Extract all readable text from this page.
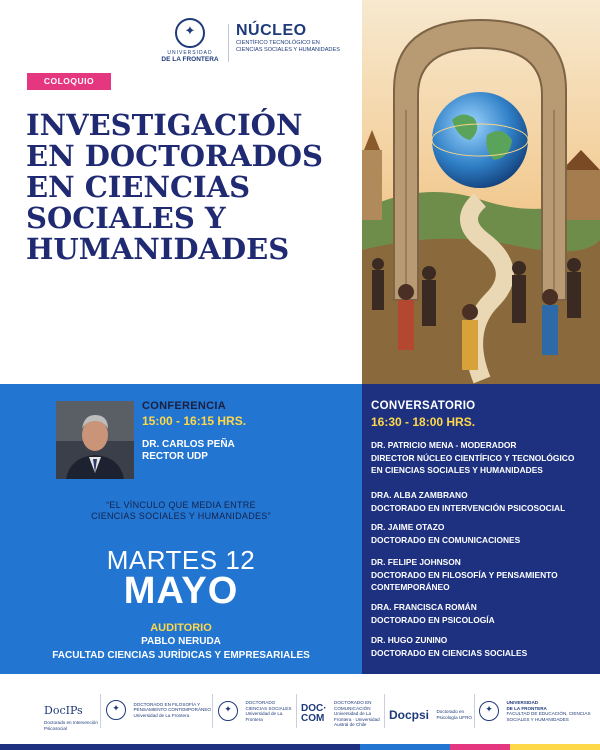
✦
UNIVERSIDAD
DE LA FRONTERA
NÚCLEO
CIENTÍFICO TECNOLÓGICO EN CIENCIAS SOCIALES Y HUMANIDADES
COLOQUIO
INVESTIGACIÓN
EN DOCTORADOS
EN CIENCIAS
SOCIALES Y
HUMANIDADES
CONFERENCIA
15:00 - 16:15 HRS.
DR. CARLOS PEÑA
RECTOR UDP
“EL VÍNCULO QUE MEDIA ENTRE
CIENCIAS SOCIALES Y HUMANIDADES”
MARTES 12
MAYO
AUDITORIO
PABLO NERUDA
FACULTAD CIENCIAS JURÍDICAS Y EMPRESARIALES
CONVERSATORIO
16:30 - 18:00 HRS.
DR. PATRICIO MENA - MODERADOR
DIRECTOR NÚCLEO CIENTÍFICO Y TECNOLÓGICO
EN CIENCIAS SOCIALES Y HUMANIDADES
DRA. ALBA ZAMBRANO
DOCTORADO EN INTERVENCIÓN PSICOSOCIAL
DR. JAIME OTAZO
DOCTORADO EN COMUNICACIONES
DR. FELIPE JOHNSON
DOCTORADO EN FILOSOFÍA Y PENSAMIENTO
CONTEMPORÁNEO
DRA. FRANCISCA ROMÁN
DOCTORADO EN PSICOLOGÍA
DR. HUGO ZUNINO
DOCTORADO EN CIENCIAS SOCIALES
DocIPs
Doctorado en Intervención Psicosocial
✦ DOCTORADO EN FILOSOFÍA Y PENSAMIENTO CONTEMPORÁNEO
Universidad de La Frontera
✦ DOCTORADO CIENCIAS SOCIALES
Universidad de La Frontera
DOC·
COM
DOCTORADO EN COMUNICACIÓN
Universidad de La Frontera · Universidad Austral de Chile
Docpsi Doctorado en Psicología UFRO
✦ UNIVERSIDAD
DE LA FRONTERA
FACULTAD DE EDUCACIÓN, CIENCIAS SOCIALES Y HUMANIDADES
